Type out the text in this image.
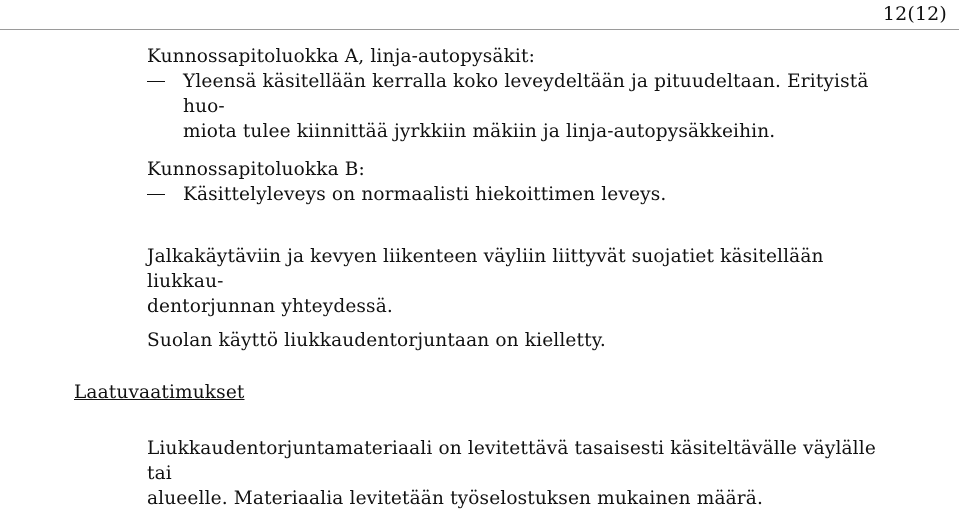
12(12)
Kunnossapitoluokka A, linja-autopysäkit:
Yleensä käsitellään kerralla koko leveydeltään ja pituudeltaan. Erityistä huo-
miota tulee kiinnittää jyrkkiin mäkiin ja linja-autopysäkkeihin.
Kunnossapitoluokka B:
Käsittelyleveys on normaalisti hiekoittimen leveys.
Jalkakäytäviin ja kevyen liikenteen väyliin liittyvät suojatiet käsitellään liukkau-
dentorjunnan yhteydessä.
Suolan käyttö liukkaudentorjuntaan on kielletty.
Laatuvaatimukset
Liukkaudentorjuntamateriaali on levitettävä tasaisesti käsiteltävälle väylälle tai
alueelle. Materiaalia levitetään työselostuksen mukainen määrä.
